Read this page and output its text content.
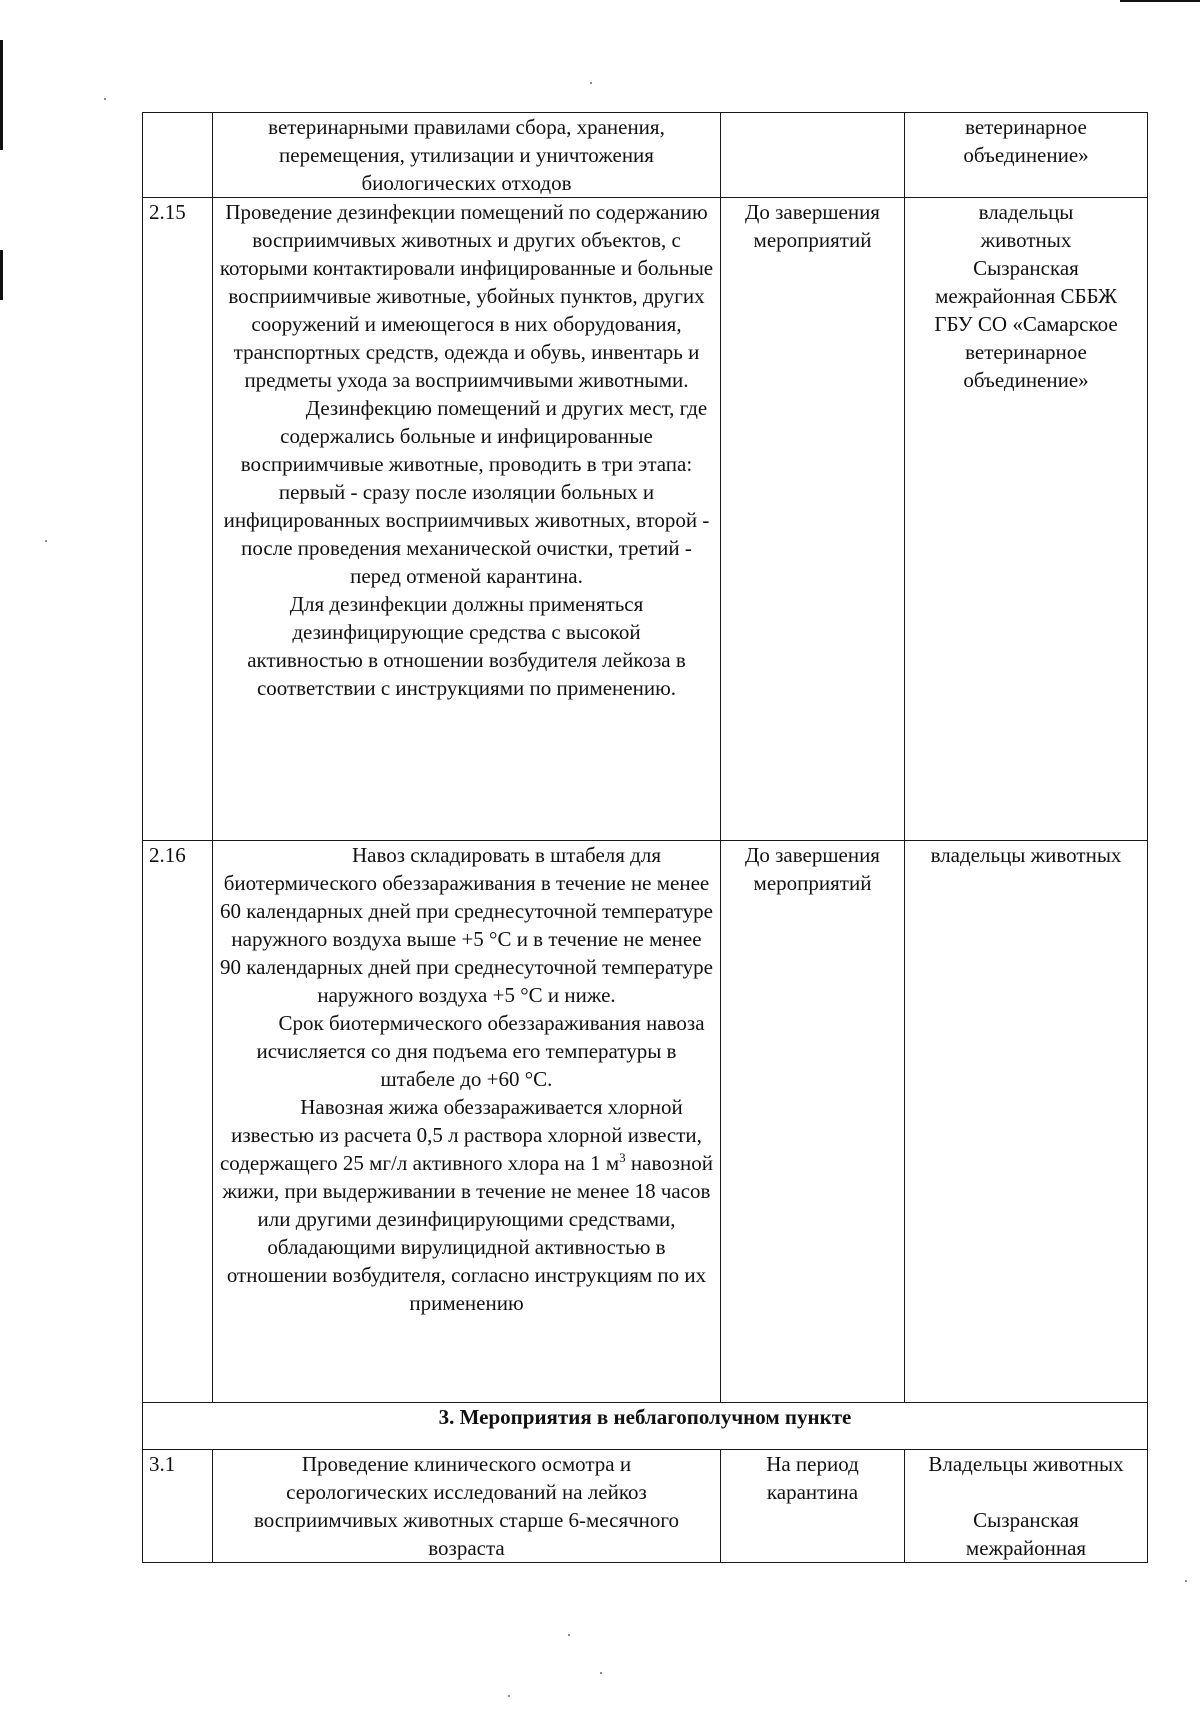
	ветеринарными правилами сбора, хранения, перемещения, утилизации и уничтожения биологических отходов		ветеринарное объединение»
2.15	Проведение дезинфекции помещений по содержанию восприимчивых животных и других объектов, с которыми контактировали инфицированные и больные восприимчивые животные, убойных пунктов, других сооружений и имеющегося в них оборудования, транспортных средств, одежда и обувь, инвентарь и предметы ухода за восприимчивыми животными.
Дезинфекцию помещений и других мест, где содержались больные и инфицированные восприимчивые животные, проводить в три этапа: первый - сразу после изоляции больных и инфицированных восприимчивых животных, второй - после проведения механической очистки, третий - перед отменой карантина.
Для дезинфекции должны применяться дезинфицирующие средства с высокой активностью в отношении возбудителя лейкоза в соответствии с инструкциями по применению.	До завершения мероприятий	владельцы животных Сызранская межрайонная СББЖ ГБУ СО «Самарское ветеринарное объединение»
2.16	Навоз складировать в штабеля для биотермического обеззараживания в течение не менее 60 календарных дней при среднесуточной температуре наружного воздуха выше +5 °С и в течение не менее 90 календарных дней при среднесуточной температуре наружного воздуха +5 °С и ниже.
Срок биотермического обеззараживания навоза исчисляется со дня подъема его температуры в штабеле до +60 °С.
Навозная жижа обеззараживается хлорной известью из расчета 0,5 л раствора хлорной извести, содержащего 25 мг/л активного хлора на 1 $м^3$ навозной жижи, при выдерживании в течение не менее 18 часов или другими дезинфицирующими средствами, обладающими вирулицидной активностью в отношении возбудителя, согласно инструкциям по их применению	До завершения мероприятий	владельцы животных
3. Мероприятия в неблагополучном пункте			
3.1	Проведение клинического осмотра и серологических исследований на лейкоз восприимчивых животных старше 6-месячного возраста	На период карантина	Владельцы животных
Сызранская межрайонная
